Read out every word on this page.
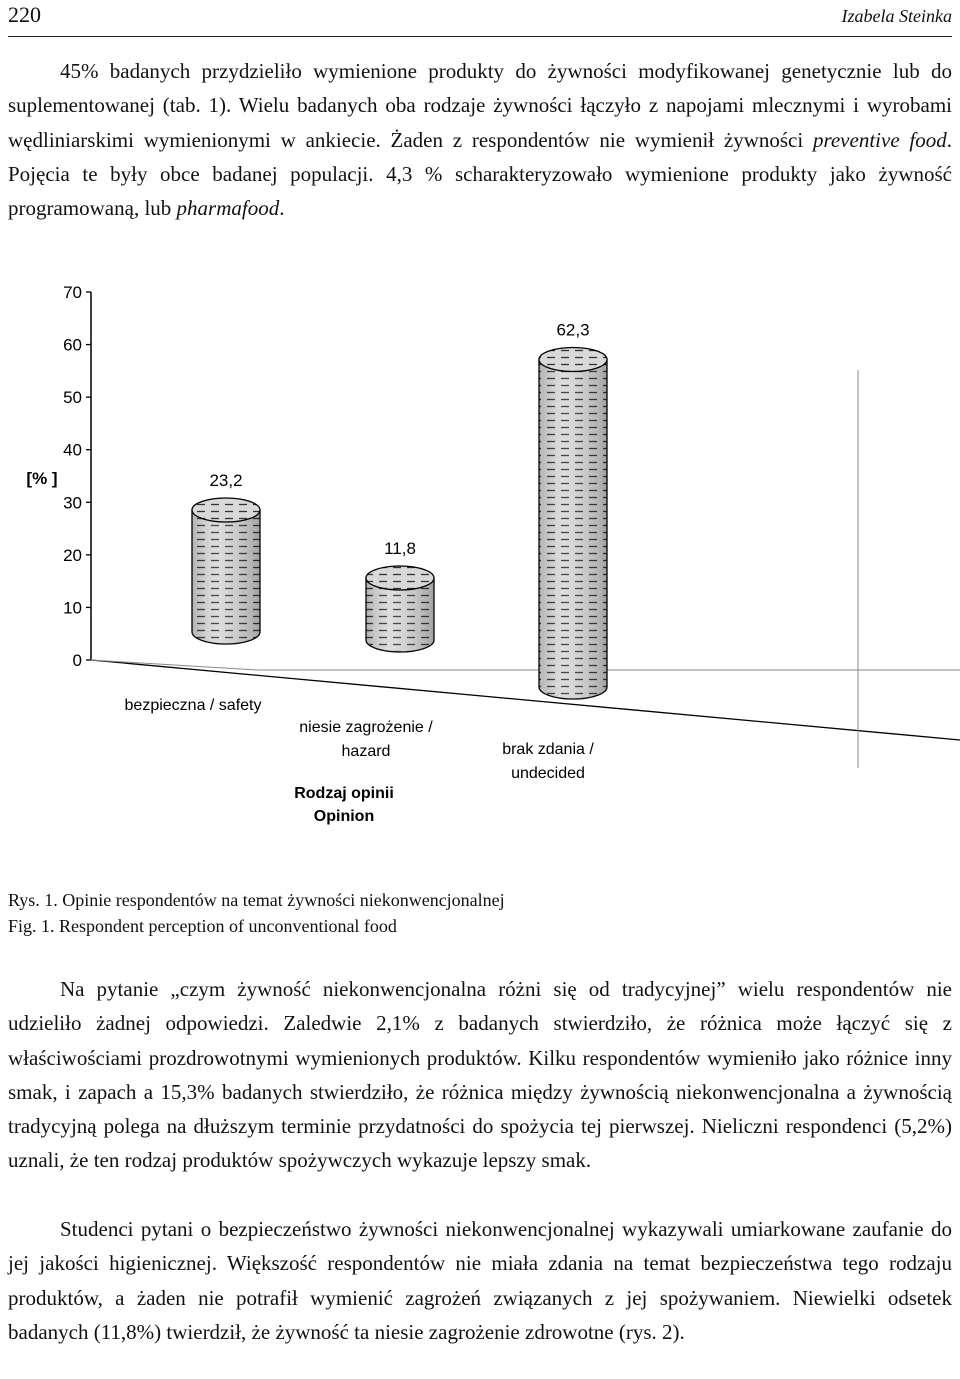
220	Izabela Steinka

45% badanych przydzieliło wymienione produkty do żywności modyfikowanej genetycznie lub do suplementowanej (tab. 1). Wielu badanych oba rodzaje żywności łączyło z napojami mlecznymi i wyrobami wędliniarskimi wymienionymi w ankiecie. Żaden z respondentów nie wymienił żywności preventive food. Pojęcia te były obce badanej populacji. 4,3 % scharakteryzowało wymienione produkty jako żywność programowaną, lub pharmafood.

0
10
20
30
40
50
60
70
[% ]	23,2
11,8
62,3
bezpieczna / safety
niesie zagrożenie /
hazard	brak zdania /
undecided
Rodzaj opinii
Opinion
Rys. 1. Opinie respondentów na temat żywności niekonwencjonalnej
Fig. 1. Respondent perception of unconventional food

Na pytanie „czym żywność niekonwencjonalna różni się od tradycyjnej” wielu respondentów nie udzieliło żadnej odpowiedzi. Zaledwie 2,1% z badanych stwierdziło, że różnica może łączyć się z właściwościami prozdrowotnymi wymienionych produktów. Kilku respondentów wymieniło jako różnice inny smak, i zapach a 15,3% badanych stwierdziło, że różnica między żywnością niekonwencjonalna a żywnością tradycyjną polega na dłuższym terminie przydatności do spożycia tej pierwszej. Nieliczni respondenci (5,2%) uznali, że ten rodzaj produktów spożywczych wykazuje lepszy smak.

Studenci pytani o bezpieczeństwo żywności niekonwencjonalnej wykazywali umiarkowane zaufanie do jej jakości higienicznej. Większość respondentów nie miała zdania na temat bezpieczeństwa tego rodzaju produktów, a żaden nie potrafił wymienić zagrożeń związanych z jej spożywaniem. Niewielki odsetek badanych (11,8%) twierdził, że żywność ta niesie zagrożenie zdrowotne (rys. 2).
